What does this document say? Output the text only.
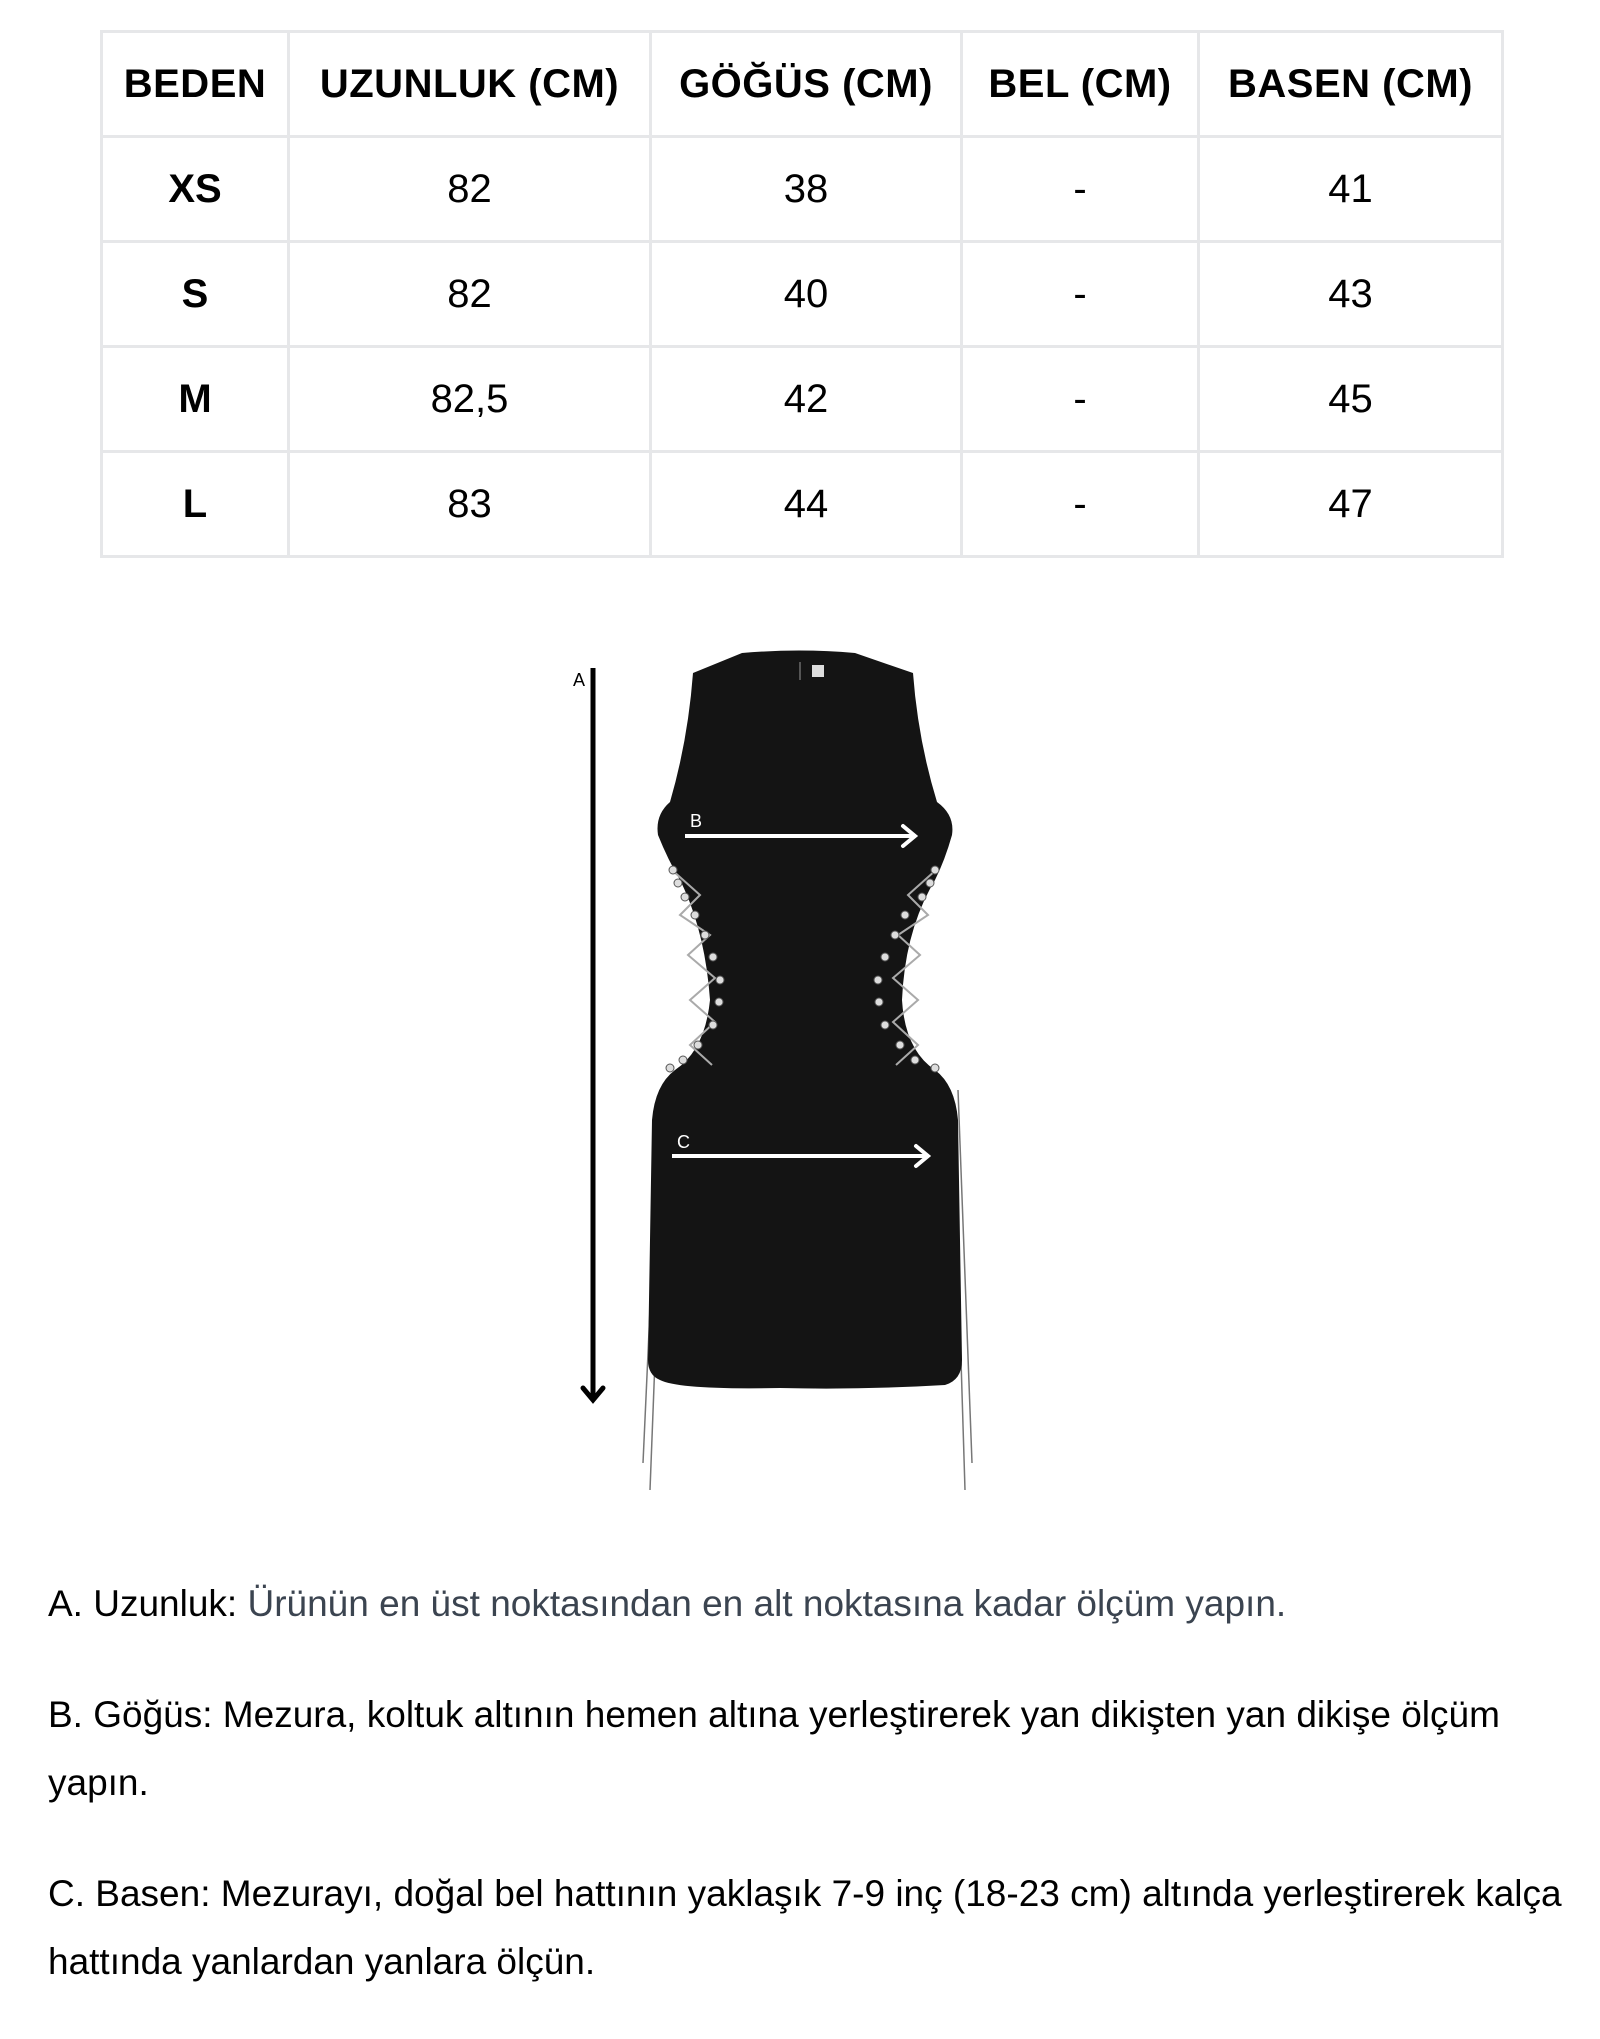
BEDEN	UZUNLUK (CM)	GÖĞÜS (CM)	BEL (CM)	BASEN (CM)
XS	82	38	-	41
S	82	40	-	43
M	82,5	42	-	45
L	83	44	-	47
A
B
C

A. Uzunluk: Ürünün en üst noktasından en alt noktasına kadar ölçüm yapın.

B. Göğüs: Mezura, koltuk altının hemen altına yerleştirerek yan dikişten yan dikişe ölçüm yapın.

C. Basen: Mezurayı, doğal bel hattının yaklaşık 7-9 inç (18-23 cm) altında yerleştirerek kalça hattında yanlardan yanlara ölçün.
